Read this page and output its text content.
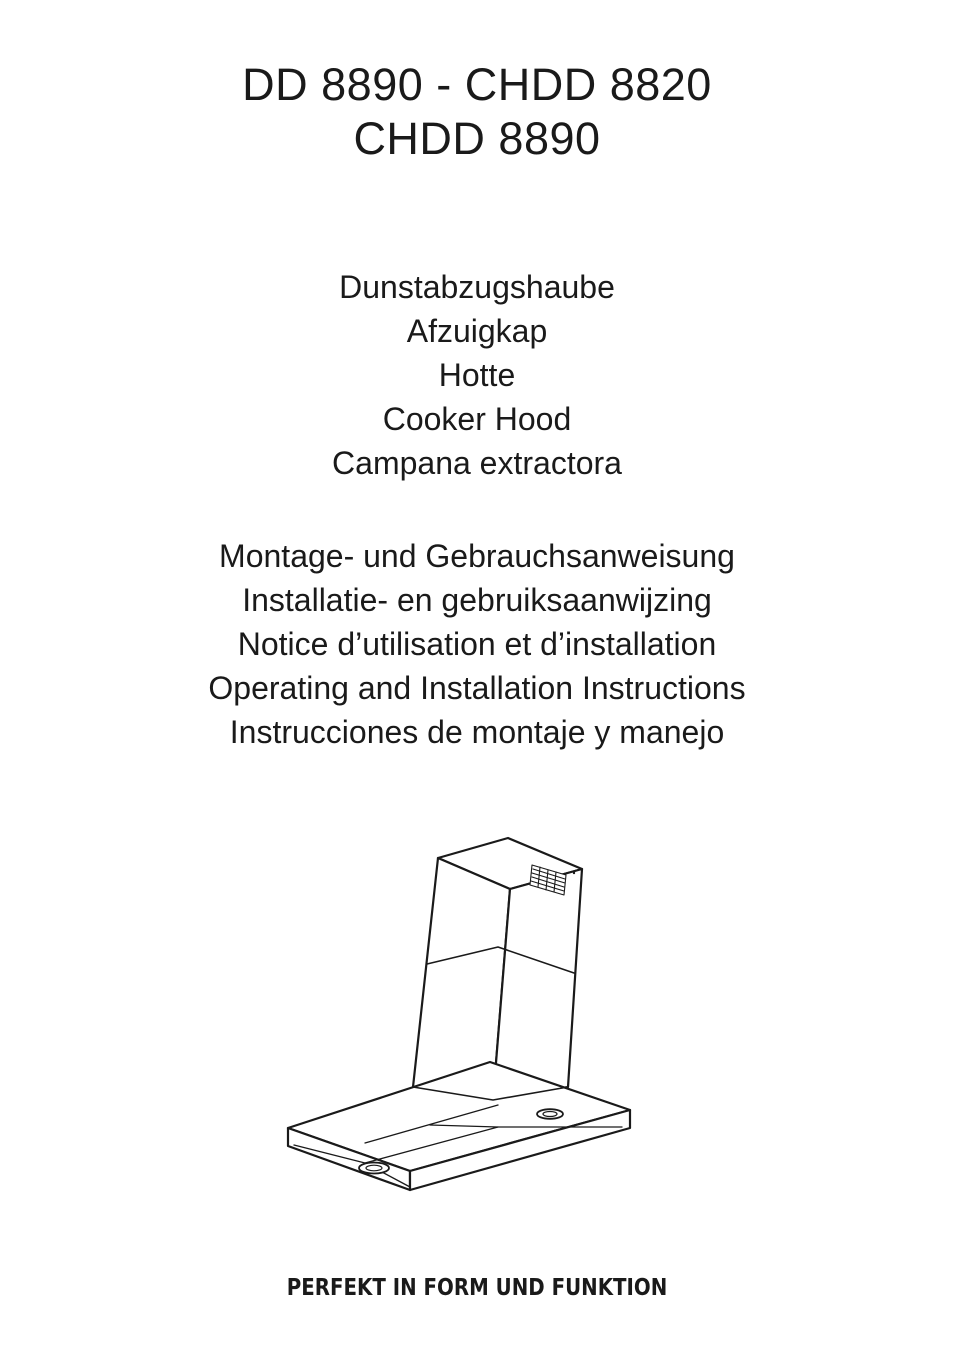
DD 8890 - CHDD 8820
CHDD 8890
Dunstabzugshaube
Afzuigkap
Hotte
Cooker Hood
Campana extractora
Montage- und Gebrauchsanweisung
Installatie- en gebruiksaanwijzing
Notice d’utilisation et d’installation
Operating and Installation Instructions
Instrucciones de montaje y manejo
PERFEKT IN FORM UND FUNKTION
